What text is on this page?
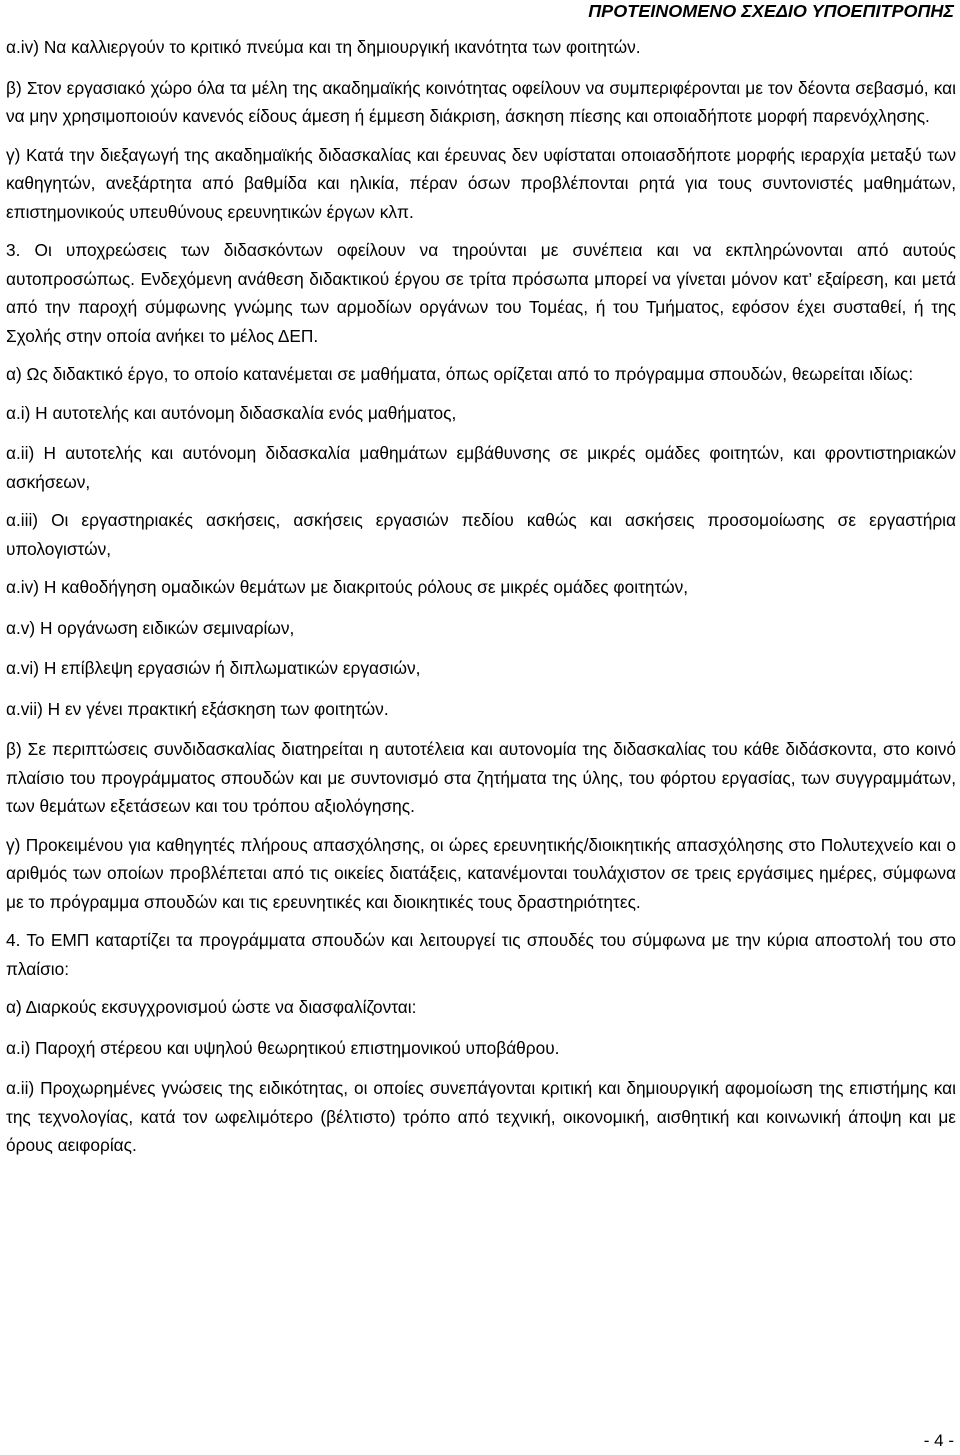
ΠΡΟΤΕΙΝΟΜΕΝΟ ΣΧΕΔΙΟ ΥΠΟΕΠΙΤΡΟΠΗΣ

α.iv) Να καλλιεργούν το κριτικό πνεύμα και τη δημιουργική ικανότητα των φοιτητών.

β) Στον εργασιακό χώρο όλα τα μέλη της ακαδημαϊκής κοινότητας οφείλουν να συμπεριφέρονται με τον δέοντα σεβασμό, και να μην χρησιμοποιούν κανενός είδους άμεση ή έμμεση διάκριση, άσκηση πίεσης και οποιαδήποτε μορφή παρενόχλησης.

γ) Κατά την διεξαγωγή της ακαδημαϊκής διδασκαλίας και έρευνας δεν υφίσταται οποιασδήποτε μορφής ιεραρχία μεταξύ των καθηγητών, ανεξάρτητα από βαθμίδα και ηλικία, πέραν όσων προβλέπονται ρητά για τους συντονιστές μαθημάτων, επιστημονικούς υπευθύνους ερευνητικών έργων κλπ.

3. Οι υποχρεώσεις των διδασκόντων οφείλουν να τηρούνται με συνέπεια και να εκπληρώνονται από αυτούς αυτοπροσώπως. Ενδεχόμενη ανάθεση διδακτικού έργου σε τρίτα πρόσωπα μπορεί να γίνεται μόνον κατ’ εξαίρεση, και μετά από την παροχή σύμφωνης γνώμης των αρμοδίων οργάνων του Τομέας, ή του Τμήματος, εφόσον έχει συσταθεί, ή της Σχολής στην οποία ανήκει το μέλος ΔΕΠ.

α) Ως διδακτικό έργο, το οποίο κατανέμεται σε μαθήματα, όπως ορίζεται από το πρόγραμμα σπουδών, θεωρείται ιδίως:

α.i) Η αυτοτελής και αυτόνομη διδασκαλία ενός μαθήματος,

α.ii) Η αυτοτελής και αυτόνομη διδασκαλία μαθημάτων εμβάθυνσης σε μικρές ομάδες φοιτητών, και φροντιστηριακών ασκήσεων,

α.iii) Οι εργαστηριακές ασκήσεις, ασκήσεις εργασιών πεδίου καθώς και ασκήσεις προσομοίωσης σε εργαστήρια υπολογιστών,

α.iv) Η καθοδήγηση ομαδικών θεμάτων με διακριτούς ρόλους σε μικρές ομάδες φοιτητών,

α.v) Η οργάνωση ειδικών σεμιναρίων,

α.vi) Η επίβλεψη εργασιών ή διπλωματικών εργασιών,

α.vii) Η εν γένει πρακτική εξάσκηση των φοιτητών.

β) Σε περιπτώσεις συνδιδασκαλίας διατηρείται η αυτοτέλεια και αυτονομία της διδασκαλίας του κάθε διδάσκοντα, στο κοινό πλαίσιο του προγράμματος σπουδών και με συντονισμό στα ζητήματα της ύλης, του φόρτου εργασίας, των συγγραμμάτων, των θεμάτων εξετάσεων και του τρόπου αξιολόγησης.

γ) Προκειμένου για καθηγητές πλήρους απασχόλησης, οι ώρες ερευνητικής/διοικητικής απασχόλησης στο Πολυτεχνείο και ο αριθμός των οποίων προβλέπεται από τις οικείες διατάξεις, κατανέμονται τουλάχιστον σε τρεις εργάσιμες ημέρες, σύμφωνα με το πρόγραμμα σπουδών και τις ερευνητικές και διοικητικές τους δραστηριότητες.

4. Το ΕΜΠ καταρτίζει τα προγράμματα σπουδών και λειτουργεί τις σπουδές του σύμφωνα με την κύρια αποστολή του στο πλαίσιο:

α) Διαρκούς εκσυγχρονισμού ώστε να διασφαλίζονται:

α.i) Παροχή στέρεου και υψηλού θεωρητικού επιστημονικού υποβάθρου.

α.ii) Προχωρημένες γνώσεις της ειδικότητας, οι οποίες συνεπάγονται κριτική και δημιουργική αφομοίωση της επιστήμης και της τεχνολογίας, κατά τον ωφελιμότερο (βέλτιστο) τρόπο από τεχνική, οικονομική, αισθητική και κοινωνική άποψη και με όρους αειφορίας.

- 4 -
